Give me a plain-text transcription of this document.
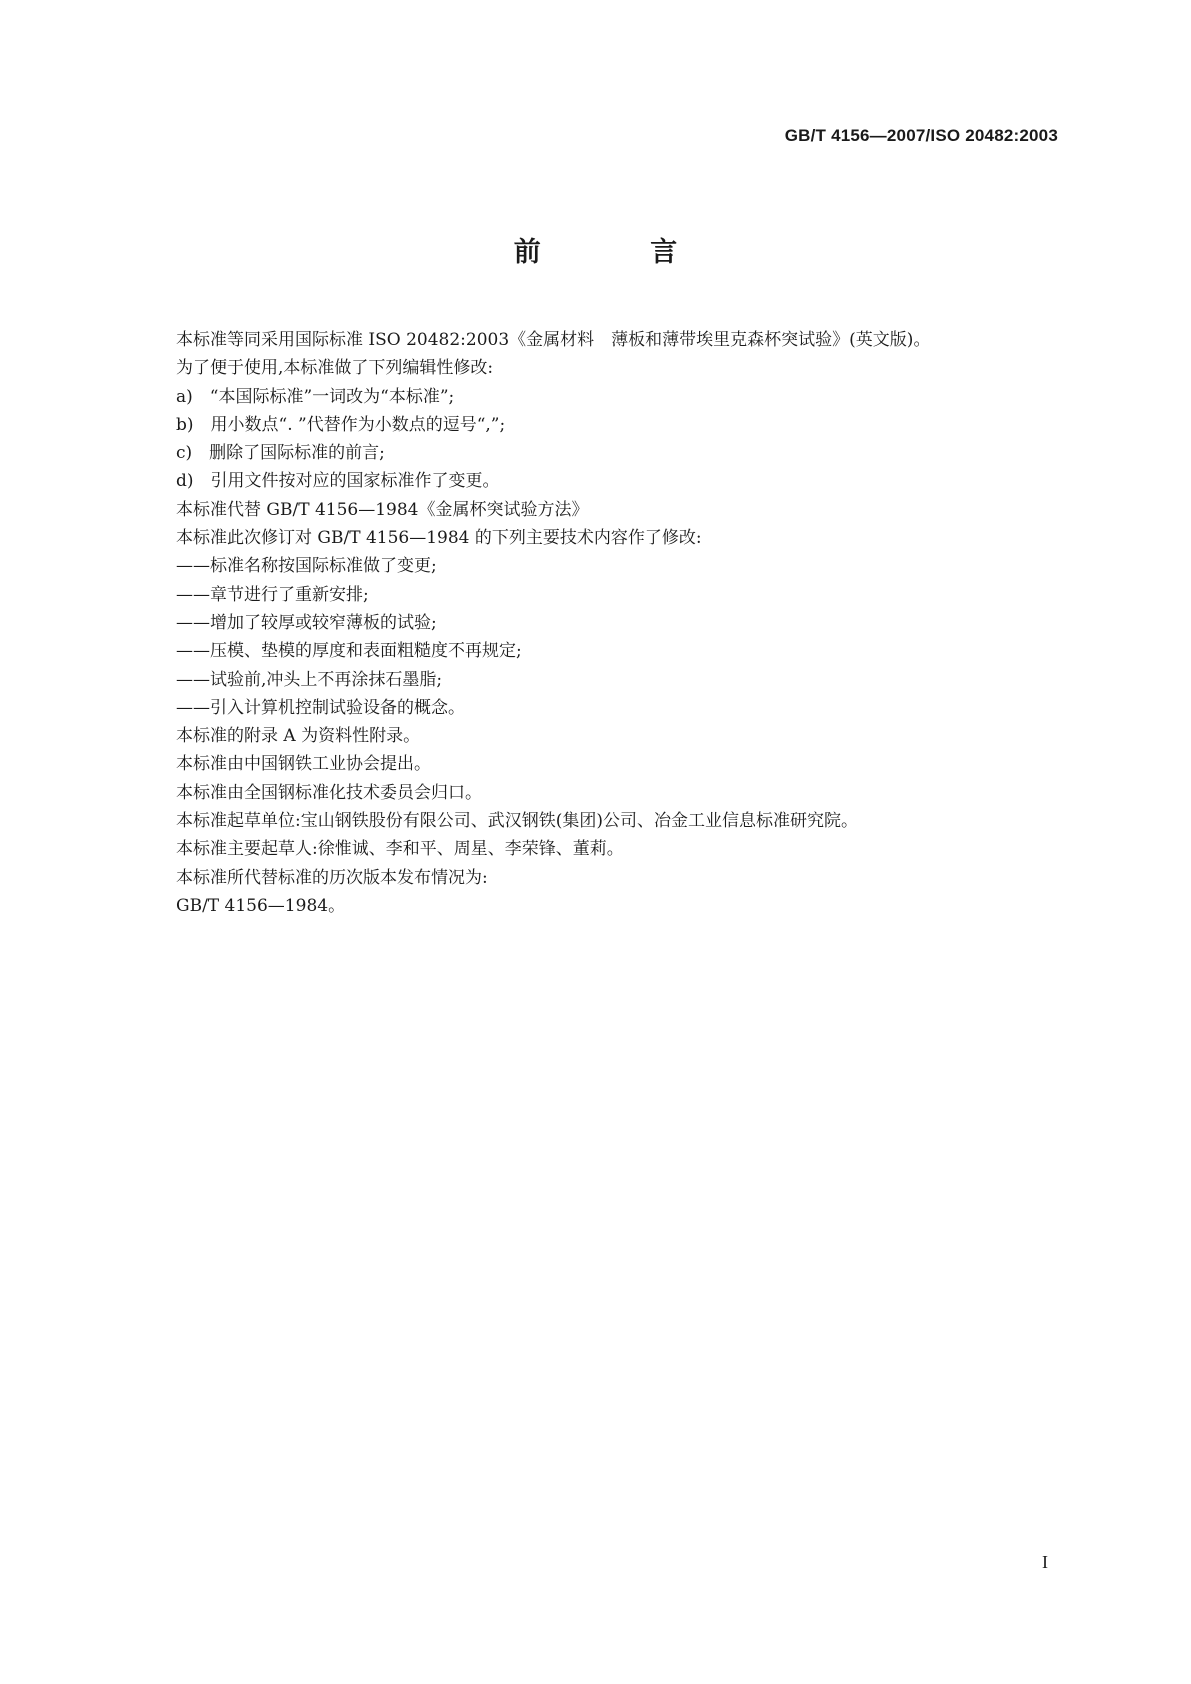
GB/T 4156—2007/ISO 20482:2003
前 言
本标准等同采用国际标准 ISO 20482:2003《金属材料　薄板和薄带埃里克森杯突试验》(英文版)。
为了便于使用,本标准做了下列编辑性修改:
a)　“本国际标准”一词改为“本标准”;
b)　用小数点“. ”代替作为小数点的逗号“,”;
c)　删除了国际标准的前言;
d)　引用文件按对应的国家标准作了变更。
本标准代替 GB/T 4156—1984《金属杯突试验方法》
本标准此次修订对 GB/T 4156—1984 的下列主要技术内容作了修改:
——标准名称按国际标准做了变更;
——章节进行了重新安排;
——增加了较厚或较窄薄板的试验;
——压模、垫模的厚度和表面粗糙度不再规定;
——试验前,冲头上不再涂抹石墨脂;
——引入计算机控制试验设备的概念。
本标准的附录 A 为资料性附录。
本标准由中国钢铁工业协会提出。
本标准由全国钢标准化技术委员会归口。
本标准起草单位:宝山钢铁股份有限公司、武汉钢铁(集团)公司、冶金工业信息标准研究院。
本标准主要起草人:徐惟诚、李和平、周星、李荣锋、董莉。
本标准所代替标准的历次版本发布情况为:
GB/T 4156—1984。
I
